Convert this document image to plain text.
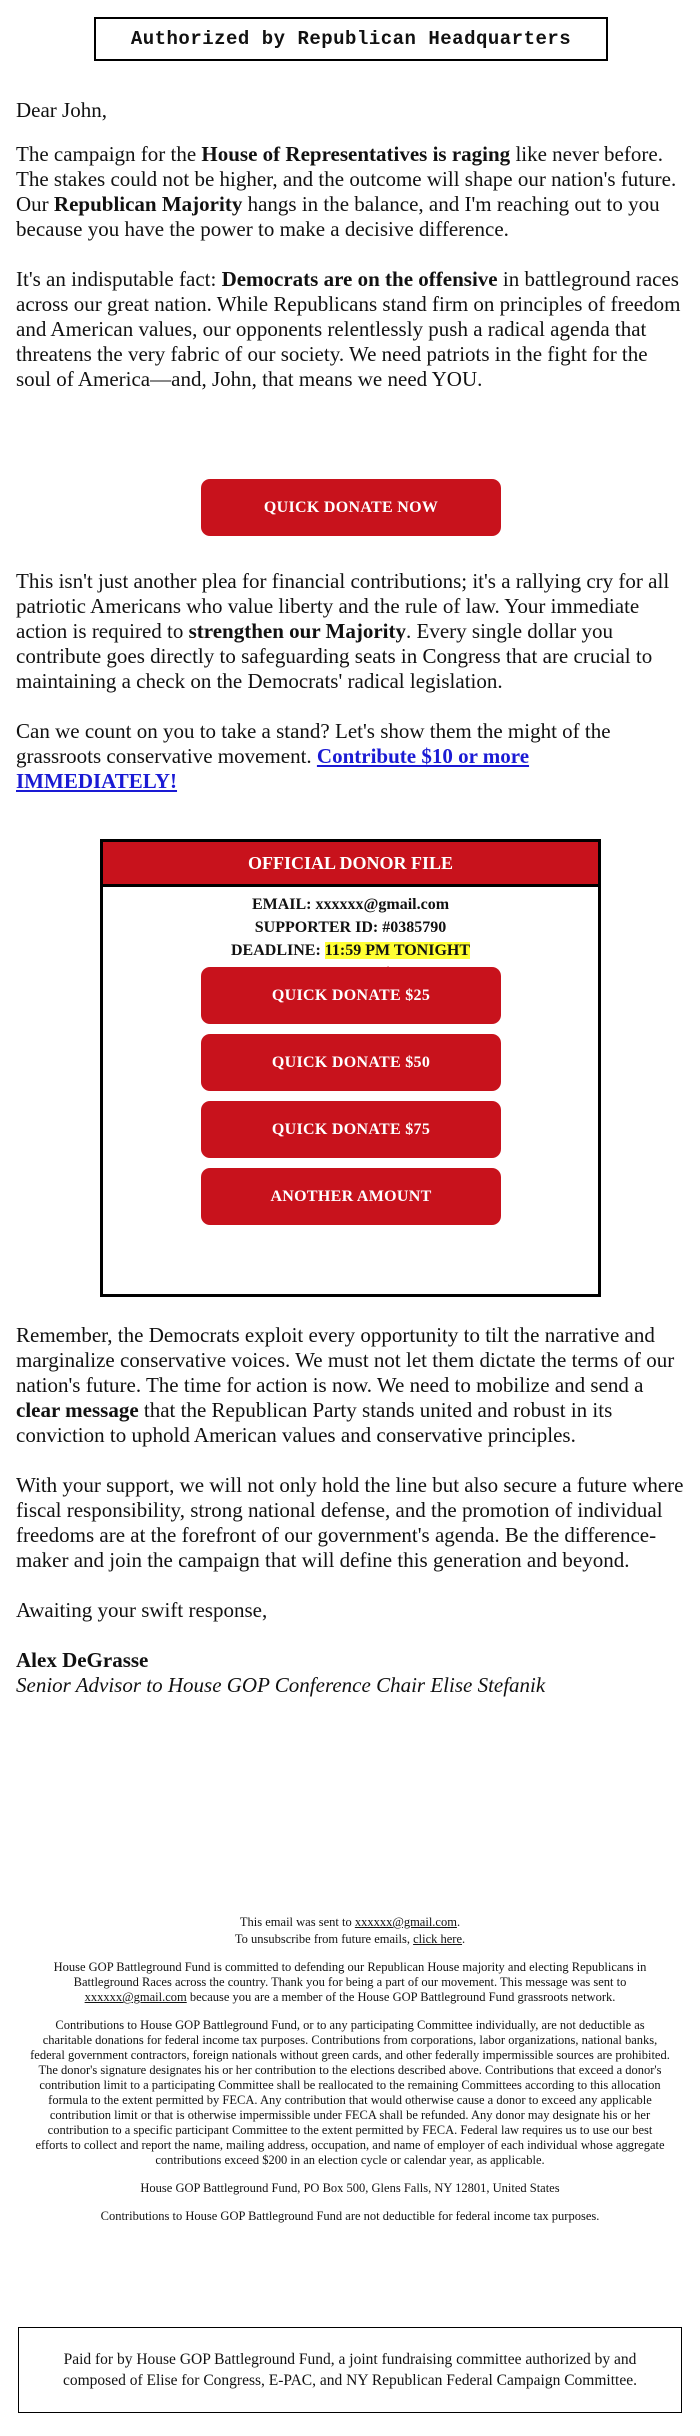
Authorized by Republican Headquarters

Dear John,

The campaign for the House of Representatives is raging like never before. The stakes could not be higher, and the outcome will shape our nation's future. Our Republican Majority hangs in the balance, and I'm reaching out to you because you have the power to make a decisive difference.

It's an indisputable fact: Democrats are on the offensive in battleground races across our great nation. While Republicans stand firm on principles of freedom and American values, our opponents relentlessly push a radical agenda that threatens the very fabric of our society. We need patriots in the fight for the soul of America—and, John, that means we need YOU.

QUICK DONATE NOW

This isn't just another plea for financial contributions; it's a rallying cry for all patriotic Americans who value liberty and the rule of law. Your immediate action is required to strengthen our Majority. Every single dollar you contribute goes directly to safeguarding seats in Congress that are crucial to maintaining a check on the Democrats' radical legislation.

Can we count on you to take a stand? Let's show them the might of the grassroots conservative movement. Contribute $10 or more IMMEDIATELY!

OFFICIAL DONOR FILE
EMAIL: xxxxxx@gmail.com
SUPPORTER ID: #0385790
DEADLINE: 11:59 PM TONIGHT
QUICK DONATE $25
QUICK DONATE $50
QUICK DONATE $75
ANOTHER AMOUNT

Remember, the Democrats exploit every opportunity to tilt the narrative and marginalize conservative voices. We must not let them dictate the terms of our nation's future. The time for action is now. We need to mobilize and send a clear message that the Republican Party stands united and robust in its conviction to uphold American values and conservative principles.

With your support, we will not only hold the line but also secure a future where fiscal responsibility, strong national defense, and the promotion of individual freedoms are at the forefront of our government's agenda. Be the difference-maker and join the campaign that will define this generation and beyond.

Awaiting your swift response,

Alex DeGrasse

Senior Advisor to House GOP Conference Chair Elise Stefanik

This email was sent to xxxxxx@gmail.com.

To unsubscribe from future emails, click here.

House GOP Battleground Fund is committed to defending our Republican House majority and electing Republicans in Battleground Races across the country. Thank you for being a part of our movement. This message was sent to xxxxxx@gmail.com because you are a member of the House GOP Battleground Fund grassroots network.

Contributions to House GOP Battleground Fund, or to any participating Committee individually, are not deductible as charitable donations for federal income tax purposes. Contributions from corporations, labor organizations, national banks, federal government contractors, foreign nationals without green cards, and other federally impermissible sources are prohibited. The donor's signature designates his or her contribution to the elections described above. Contributions that exceed a donor's contribution limit to a participating Committee shall be reallocated to the remaining Committees according to this allocation formula to the extent permitted by FECA. Any contribution that would otherwise cause a donor to exceed any applicable contribution limit or that is otherwise impermissible under FECA shall be refunded. Any donor may designate his or her contribution to a specific participant Committee to the extent permitted by FECA. Federal law requires us to use our best efforts to collect and report the name, mailing address, occupation, and name of employer of each individual whose aggregate contributions exceed $200 in an election cycle or calendar year, as applicable.

House GOP Battleground Fund, PO Box 500, Glens Falls, NY 12801, United States

Contributions to House GOP Battleground Fund are not deductible for federal income tax purposes.

Paid for by House GOP Battleground Fund, a joint fundraising committee authorized by and composed of Elise for Congress, E-PAC, and NY Republican Federal Campaign Committee.
